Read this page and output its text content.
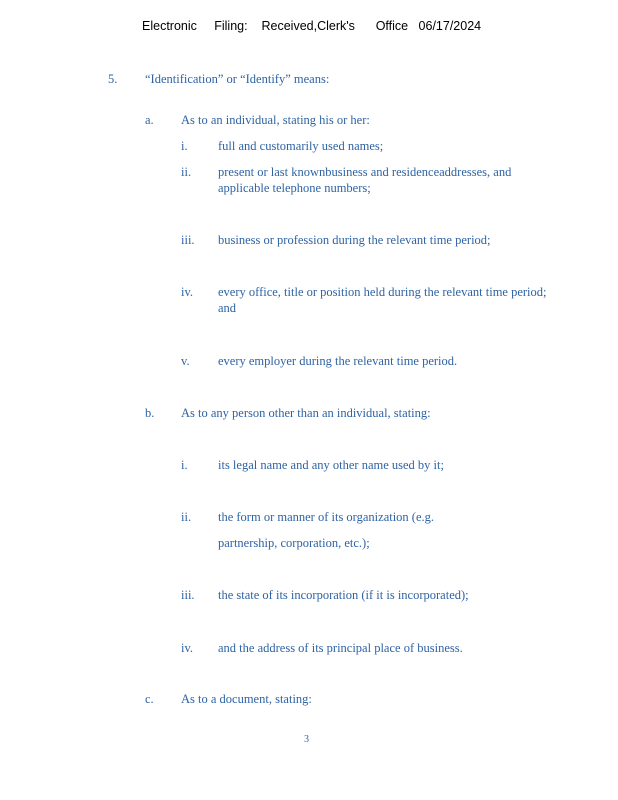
Electronic     Filing:    Received,Clerk's      Office   06/17/2024
5. “Identification” or “Identify” means:
a. As to an individual, stating his or her:
i. full and customarily used names;
ii. present or last knownbusiness and residenceaddresses, and
applicable telephone numbers;
iii. business or profession during the relevant time period;
iv. every office, title or position held during the relevant time period;
and
v. every employer during the relevant time period.
b. As to any person other than an individual, stating:
i. its legal name and any other name used by it;
ii. the form or manner of its organization (e.g.
partnership, corporation, etc.);
iii. the state of its incorporation (if it is incorporated);
iv. and the address of its principal place of business.
c. As to a document, stating:
3
